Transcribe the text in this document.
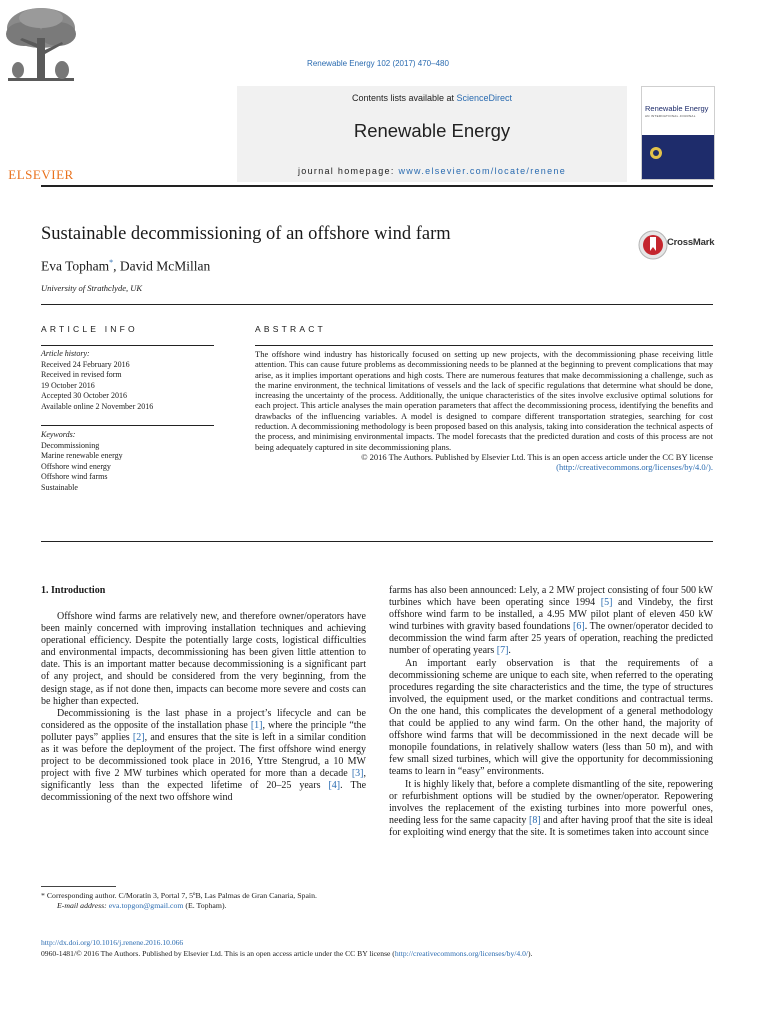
Renewable Energy 102 (2017) 470–480
ELSEVIER
Contents lists available at ScienceDirect
Renewable Energy
journal homepage: www.elsevier.com/locate/renene
Renewable Energy
AN INTERNATIONAL JOURNAL
Sustainable decommissioning of an offshore wind farm	CrossMark
Eva Topham*, David McMillan
University of Strathclyde, UK
ARTICLE INFO
Article history:
Received 24 February 2016
Received in revised form
19 October 2016
Accepted 30 October 2016
Available online 2 November 2016
Keywords:
Decommissioning
Marine renewable energy
Offshore wind energy
Offshore wind farms
Sustainable
ABSTRACT

The offshore wind industry has historically focused on setting up new projects, with the decommissioning phase receiving little attention. This can cause future problems as decommissioning needs to be planned at the beginning to prevent complications that may arise, as it implies important operations and high costs. There are numerous features that make decommissioning a challenge, such as the marine environment, the technical limitations of vessels and the lack of specific regulations that determine what should be done, increasing the uncertainty of the process. Additionally, the unique characteristics of the sites involve exclusive optimal solutions for each project. This article analyses the main operation parameters that affect the decommissioning process, identifying the benefits and drawbacks of the influencing variables. A model is designed to compare different transportation strategies, searching for cost reduction. A decommissioning methodology is been proposed based on this analysis, taking into consideration the technical aspects of the process, and minimising environmental impacts. The model forecasts that the predicted duration and costs of this process are not being adequately captured in site decommissioning plans.

© 2016 The Authors. Published by Elsevier Ltd. This is an open access article under the CC BY license (http://creativecommons.org/licenses/by/4.0/).

1. Introduction

Offshore wind farms are relatively new, and therefore owner/operators have been mainly concerned with improving installation techniques and achieving operational efficiency. Despite the potentially large costs, logistical difficulties and environmental impacts, decommissioning has been given little attention to date. This is an important matter because decommissioning is a significant part of any project, and should be considered from the very beginning, from the design stage, as if not done then, impacts can become more severe and costs can be higher than expected.

Decommissioning is the last phase in a project’s lifecycle and can be considered as the opposite of the installation phase [1], where the principle “the polluter pays” applies [2], and ensures that the site is left in a similar condition as it was before the deployment of the project. The first offshore wind energy project to be decommissioned took place in 2016, Yttre Stengrud, a 10 MW project with five 2 MW turbines which operated for more than a decade [3], significantly less than the expected lifetime of 20–25 years [4]. The decommissioning of the next two offshore wind

farms has also been announced: Lely, a 2 MW project consisting of four 500 kW turbines which have been operating since 1994 [5] and Vindeby, the first offshore wind farm to be installed, a 4.95 MW pilot plant of eleven 450 kW wind turbines with gravity based foundations [6]. The owner/operator decided to decommission the wind farm after 25 years of operation, reaching the predicted number of operating years [7].

An important early observation is that the requirements of a decommissioning scheme are unique to each site, when referred to the operating procedures regarding the site characteristics and the time, the type of structures involved, the equipment used, or the market conditions and contractual terms. On the one hand, this complicates the development of a general methodology that could be applied to any wind farm. On the other hand, the majority of offshore wind farms that will be decommissioned in the next decade will be monopile foundations, in relatively shallow waters (less than 50 m), and with few small sized turbines, which will give the opportunity for decommissioning teams to learn in “easy” environments.

It is highly likely that, before a complete dismantling of the site, repowering or refurbishment options will be studied by the owner/operator. Repowering involves the replacement of the existing turbines into more powerful ones, needing less for the same capacity [8] and after having proof that the site is ideal for exploiting wind energy that the site. It is sometimes taken into account since

* Corresponding author. C/Moratín 3, Portal 7, 5ºB, Las Palmas de Gran Canaria, Spain.

E-mail address: eva.topgon@gmail.com (E. Topham).

http://dx.doi.org/10.1016/j.renene.2016.10.066
0960-1481/© 2016 The Authors. Published by Elsevier Ltd. This is an open access article under the CC BY license (http://creativecommons.org/licenses/by/4.0/).
